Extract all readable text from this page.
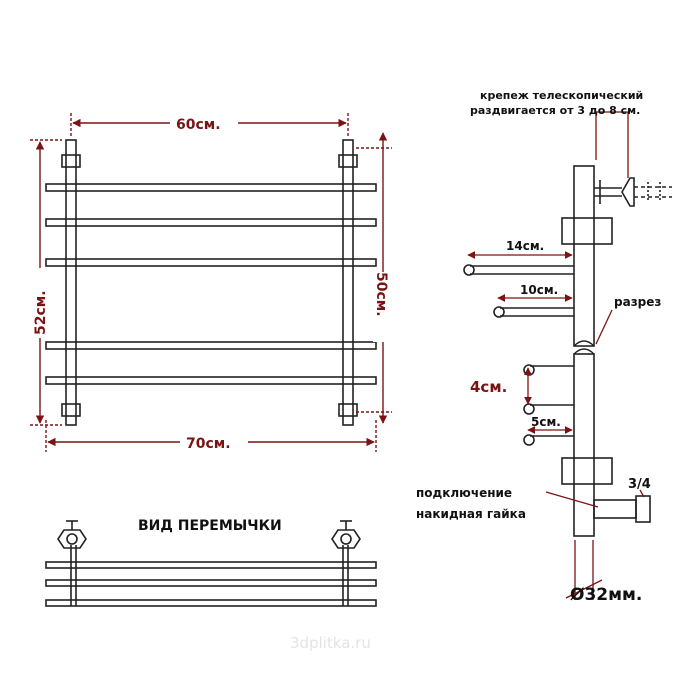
60см.
70см.
52см.	50см.
ВИД ПЕРЕМЫЧКИ
крепеж телескопический
раздвигается от 3 до 8 см.
14см.
10см.
разрез
4см.
5см.
3/4
подключение
накидная гайка
Ø32мм.
3dplitka.ru
